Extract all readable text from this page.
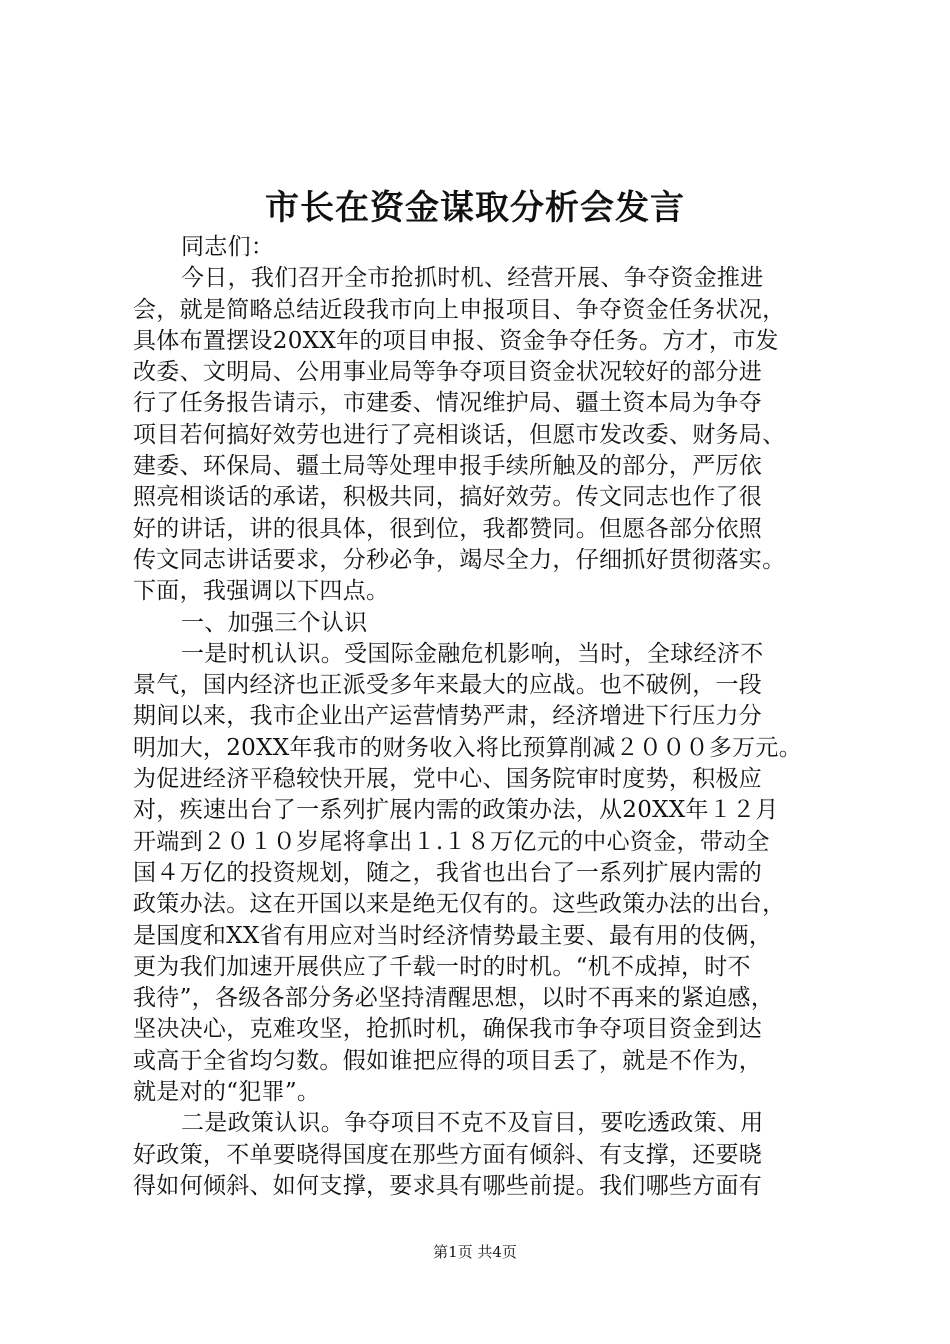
市长在资金谋取分析会发言
同志们：
今日，我们召开全市抢抓时机、经营开展、争夺资金推进
会，就是简略总结近段我市向上申报项目、争夺资金任务状况，
具体布置摆设20XX年的项目申报、资金争夺任务。方才，市发
改委、文明局、公用事业局等争夺项目资金状况较好的部分进
行了任务报告请示，市建委、情况维护局、疆土资本局为争夺
项目若何搞好效劳也进行了亮相谈话，但愿市发改委、财务局、
建委、环保局、疆土局等处理申报手续所触及的部分，严厉依
照亮相谈话的承诺，积极共同，搞好效劳。传文同志也作了很
好的讲话，讲的很具体，很到位，我都赞同。但愿各部分依照
传文同志讲话要求，分秒必争，竭尽全力，仔细抓好贯彻落实。
下面，我强调以下四点。
一、加强三个认识
一是时机认识。受国际金融危机影响，当时，全球经济不
景气，国内经济也正派受多年来最大的应战。也不破例，一段
期间以来，我市企业出产运营情势严肃，经济增进下行压力分
明加大，20XX年我市的财务收入将比预算削减２０００多万元。
为促进经济平稳较快开展，党中心、国务院审时度势，积极应
对，疾速出台了一系列扩展内需的政策办法，从20XX年１２月
开端到２０１０岁尾将拿出１.１８万亿元的中心资金，带动全
国４万亿的投资规划，随之，我省也出台了一系列扩展内需的
政策办法。这在开国以来是绝无仅有的。这些政策办法的出台，
是国度和XX省有用应对当时经济情势最主要、最有用的伎俩，
更为我们加速开展供应了千载一时的时机。“机不成掉，时不
我待”，各级各部分务必坚持清醒思想，以时不再来的紧迫感，
坚决决心，克难攻坚，抢抓时机，确保我市争夺项目资金到达
或高于全省均匀数。假如谁把应得的项目丢了，就是不作为，
就是对的“犯罪”。
二是政策认识。争夺项目不克不及盲目，要吃透政策、用
好政策，不单要晓得国度在那些方面有倾斜、有支撑，还要晓
得如何倾斜、如何支撑，要求具有哪些前提。我们哪些方面有
第1页 共4页
